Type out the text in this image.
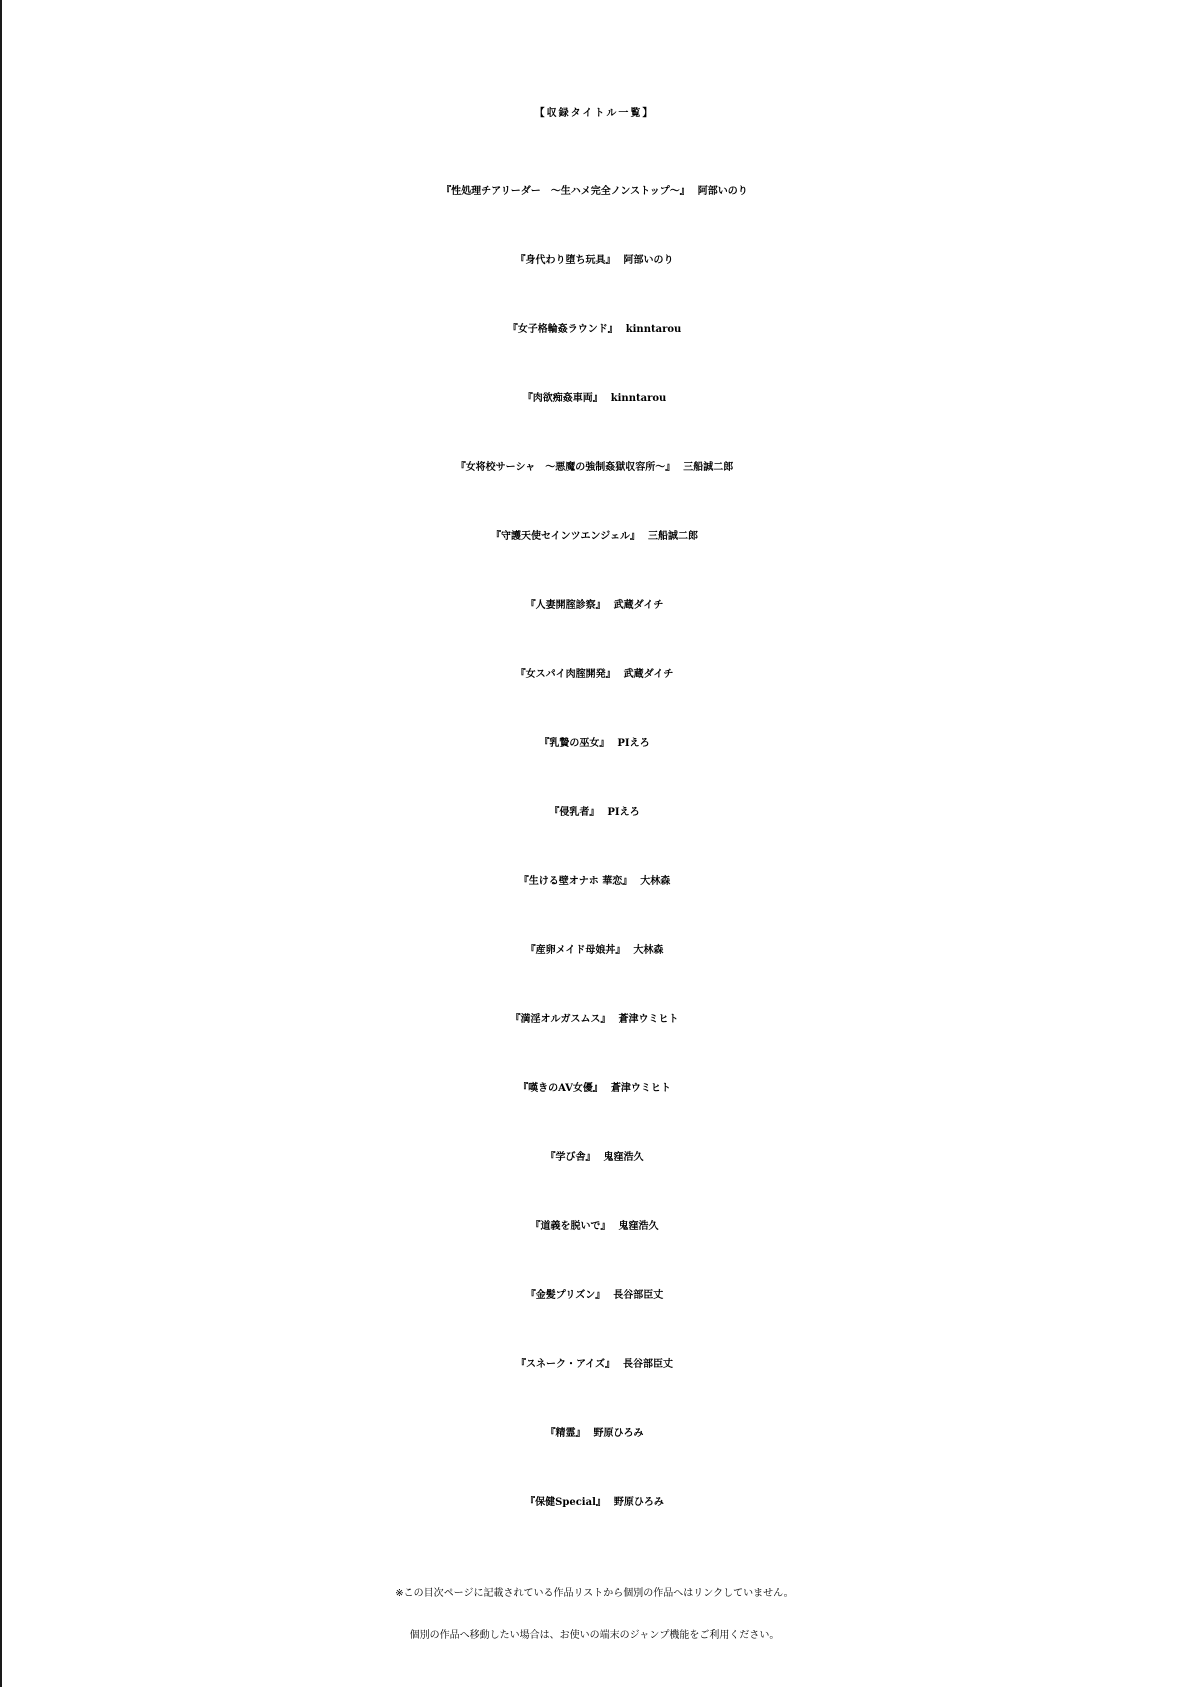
【収録タイトル一覧】
『性処理チアリーダー　～生ハメ完全ノンストップ～』 阿部いのり
『身代わり堕ち玩具』 阿部いのり
『女子格輪姦ラウンド』 kinntarou
『肉欲痴姦車両』 kinntarou
『女将校サーシャ　～悪魔の強制姦獄収容所～』 三船誠二郎
『守護天使セインツエンジェル』 三船誠二郎
『人妻開腟診察』 武蔵ダイチ
『女スパイ肉腟開発』 武蔵ダイチ
『乳贄の巫女』 PIえろ
『侵乳者』 PIえろ
『生ける壁オナホ 華恋』 大林森
『産卵メイド母娘丼』 大林森
『満淫オルガスムス』 蒼津ウミヒト
『嘆きのAV女優』 蒼津ウミヒト
『学び舎』 鬼窪浩久
『道義を脱いで』 鬼窪浩久
『金髪プリズン』 長谷部臣丈
『スネーク・アイズ』 長谷部臣丈
『精霊』 野原ひろみ
『保健Special』 野原ひろみ

※この目次ページに記載されている作品リストから個別の作品へはリンクしていません。

個別の作品へ移動したい場合は、お使いの端末のジャンプ機能をご利用ください。
